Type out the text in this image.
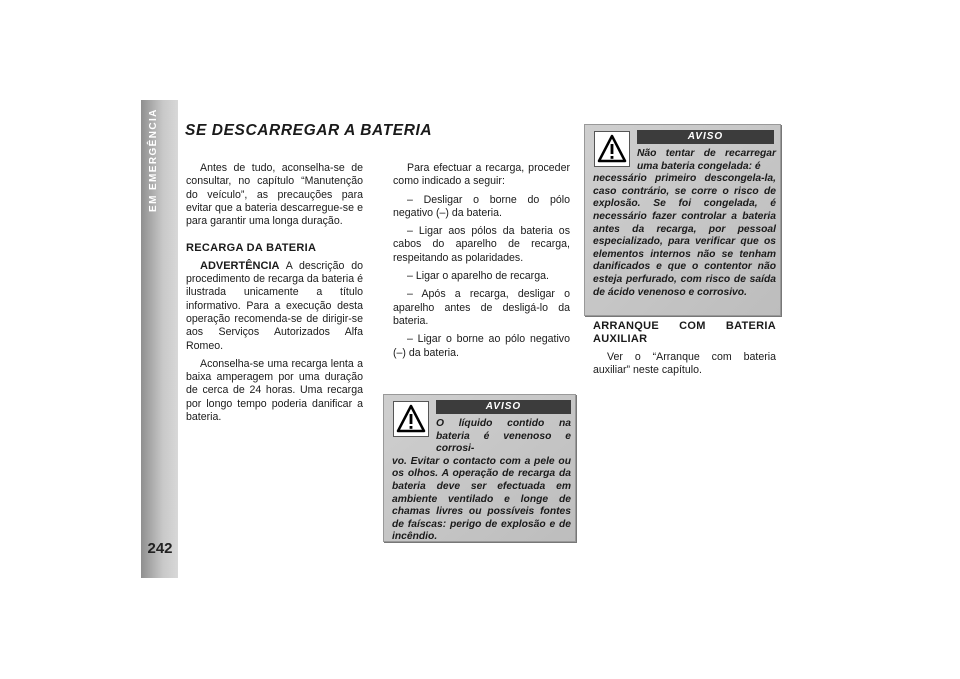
EM EMERGÊNCIA
242
SE DESCARREGAR A BATERIA

Antes de tudo, aconselha-se de consultar, no capítulo “Manutenção do veículo”, as precauções para evitar que a bateria descarregue-se e para garantir uma longa duração.

RECARGA DA BATERIA

ADVERTÊNCIA A descrição do procedimento de recarga da bateria é ilustrada unicamente a título informativo. Para a execução desta operação recomenda-se de dirigir-se aos Serviços Autorizados Alfa Romeo.

Aconselha-se uma recarga lenta a baixa amperagem por uma duração de cerca de 24 horas. Uma recarga por longo tempo poderia danificar a bateria.

Para efectuar a recarga, proceder como indicado a seguir:

– Desligar o borne do pólo negativo (–) da bateria.

– Ligar aos pólos da bateria os cabos do aparelho de recarga, respeitando as polaridades.

– Ligar o aparelho de recarga.

– Após a recarga, desligar o aparelho antes de desligá-lo da bateria.

– Ligar o borne ao pólo negativo (–) da bateria.

AVISO
Não tentar de recarregar uma bateria congelada: é
necessário primeiro descongela-la, caso contrário, se corre o risco de explosão. Se foi congelada, é necessário fazer controlar a bateria antes da recarga, por pessoal especializado, para verificar que os elementos internos não se tenham danificados e que o contentor não esteja perfurado, com risco de saída de ácido venenoso e corrosivo.
ARRANQUE COM BATERIA AUXILIAR

Ver o “Arranque com bateria auxiliar” neste capítulo.

AVISO
O líquido contido na bateria é venenoso e corrosi-
vo. Evitar o contacto com a pele ou os olhos. A operação de recarga da bateria deve ser efectuada em ambiente ventilado e longe de chamas livres ou possíveis fontes de faíscas: perigo de explosão e de incêndio.
